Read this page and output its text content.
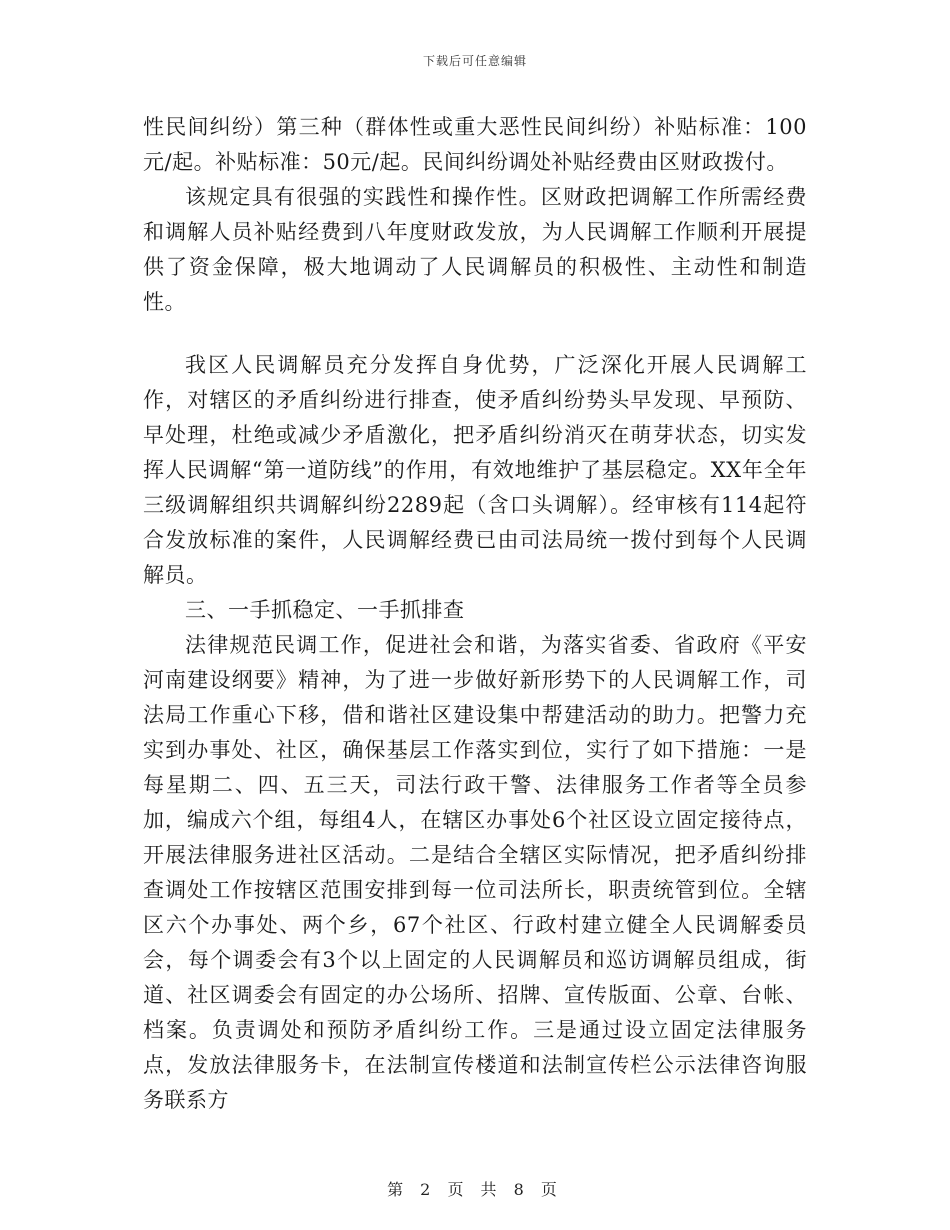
下载后可任意编辑

性民间纠纷）第三种（群体性或重大恶性民间纠纷）补贴标准：100元/起。补贴标准：50元/起。民间纠纷调处补贴经费由区财政拨付。

该规定具有很强的实践性和操作性。区财政把调解工作所需经费和调解人员补贴经费到八年度财政发放，为人民调解工作顺利开展提供了资金保障，极大地调动了人民调解员的积极性、主动性和制造性。

我区人民调解员充分发挥自身优势，广泛深化开展人民调解工作，对辖区的矛盾纠纷进行排查，使矛盾纠纷势头早发现、早预防、早处理，杜绝或减少矛盾激化，把矛盾纠纷消灭在萌芽状态，切实发挥人民调解“第一道防线”的作用，有效地维护了基层稳定。XX年全年三级调解组织共调解纠纷2289起（含口头调解）。经审核有114起符合发放标准的案件，人民调解经费已由司法局统一拨付到每个人民调解员。

三、一手抓稳定、一手抓排查

法律规范民调工作，促进社会和谐，为落实省委、省政府《平安河南建设纲要》精神，为了进一步做好新形势下的人民调解工作，司法局工作重心下移，借和谐社区建设集中帮建活动的助力。把警力充实到办事处、社区，确保基层工作落实到位，实行了如下措施：一是每星期二、四、五三天，司法行政干警、法律服务工作者等全员参加，编成六个组，每组4人，在辖区办事处6个社区设立固定接待点，开展法律服务进社区活动。二是结合全辖区实际情况，把矛盾纠纷排查调处工作按辖区范围安排到每一位司法所长，职责统管到位。全辖区六个办事处、两个乡，67个社区、行政村建立健全人民调解委员会，每个调委会有3个以上固定的人民调解员和巡访调解员组成，街道、社区调委会有固定的办公场所、招牌、宣传版面、公章、台帐、档案。负责调处和预防矛盾纠纷工作。三是通过设立固定法律服务点，发放法律服务卡，在法制宣传楼道和法制宣传栏公示法律咨询服务联系方

第 2 页 共 8 页
